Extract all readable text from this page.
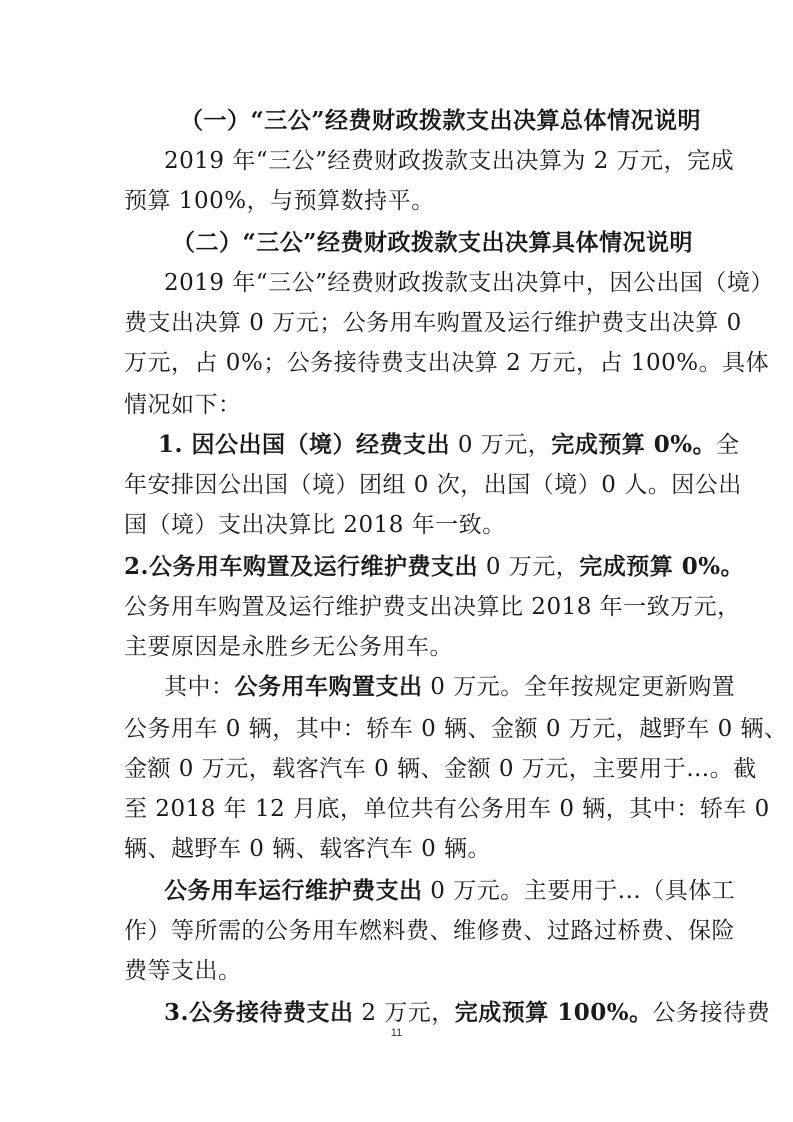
（一）“三公”经费财政拨款支出决算总体情况说明
2019 年“三公”经费财政拨款支出决算为 2 万元，完成
预算 100%，与预算数持平。
（二）“三公”经费财政拨款支出决算具体情况说明
2019 年“三公”经费财政拨款支出决算中，因公出国（境）
费支出决算 0 万元；公务用车购置及运行维护费支出决算 0
万元，占 0%；公务接待费支出决算 2 万元，占 100%。具体
情况如下：
1. 因公出国（境）经费支出 0 万元，完成预算 0%。全
年安排因公出国（境）团组 0 次，出国（境）0 人。因公出
国（境）支出决算比 2018 年一致。
2.公务用车购置及运行维护费支出 0 万元，完成预算 0%。
公务用车购置及运行维护费支出决算比 2018 年一致万元，
主要原因是永胜乡无公务用车。
其中：公务用车购置支出 0 万元。全年按规定更新购置
公务用车 0 辆，其中：轿车 0 辆、金额 0 万元，越野车 0 辆、
金额 0 万元，载客汽车 0 辆、金额 0 万元，主要用于…。截
至 2018 年 12 月底，单位共有公务用车 0 辆，其中：轿车 0
辆、越野车 0 辆、载客汽车 0 辆。
公务用车运行维护费支出 0 万元。主要用于...（具体工
作）等所需的公务用车燃料费、维修费、过路过桥费、保险
费等支出。
3.公务接待费支出 2 万元，完成预算 100%。公务接待费
11
